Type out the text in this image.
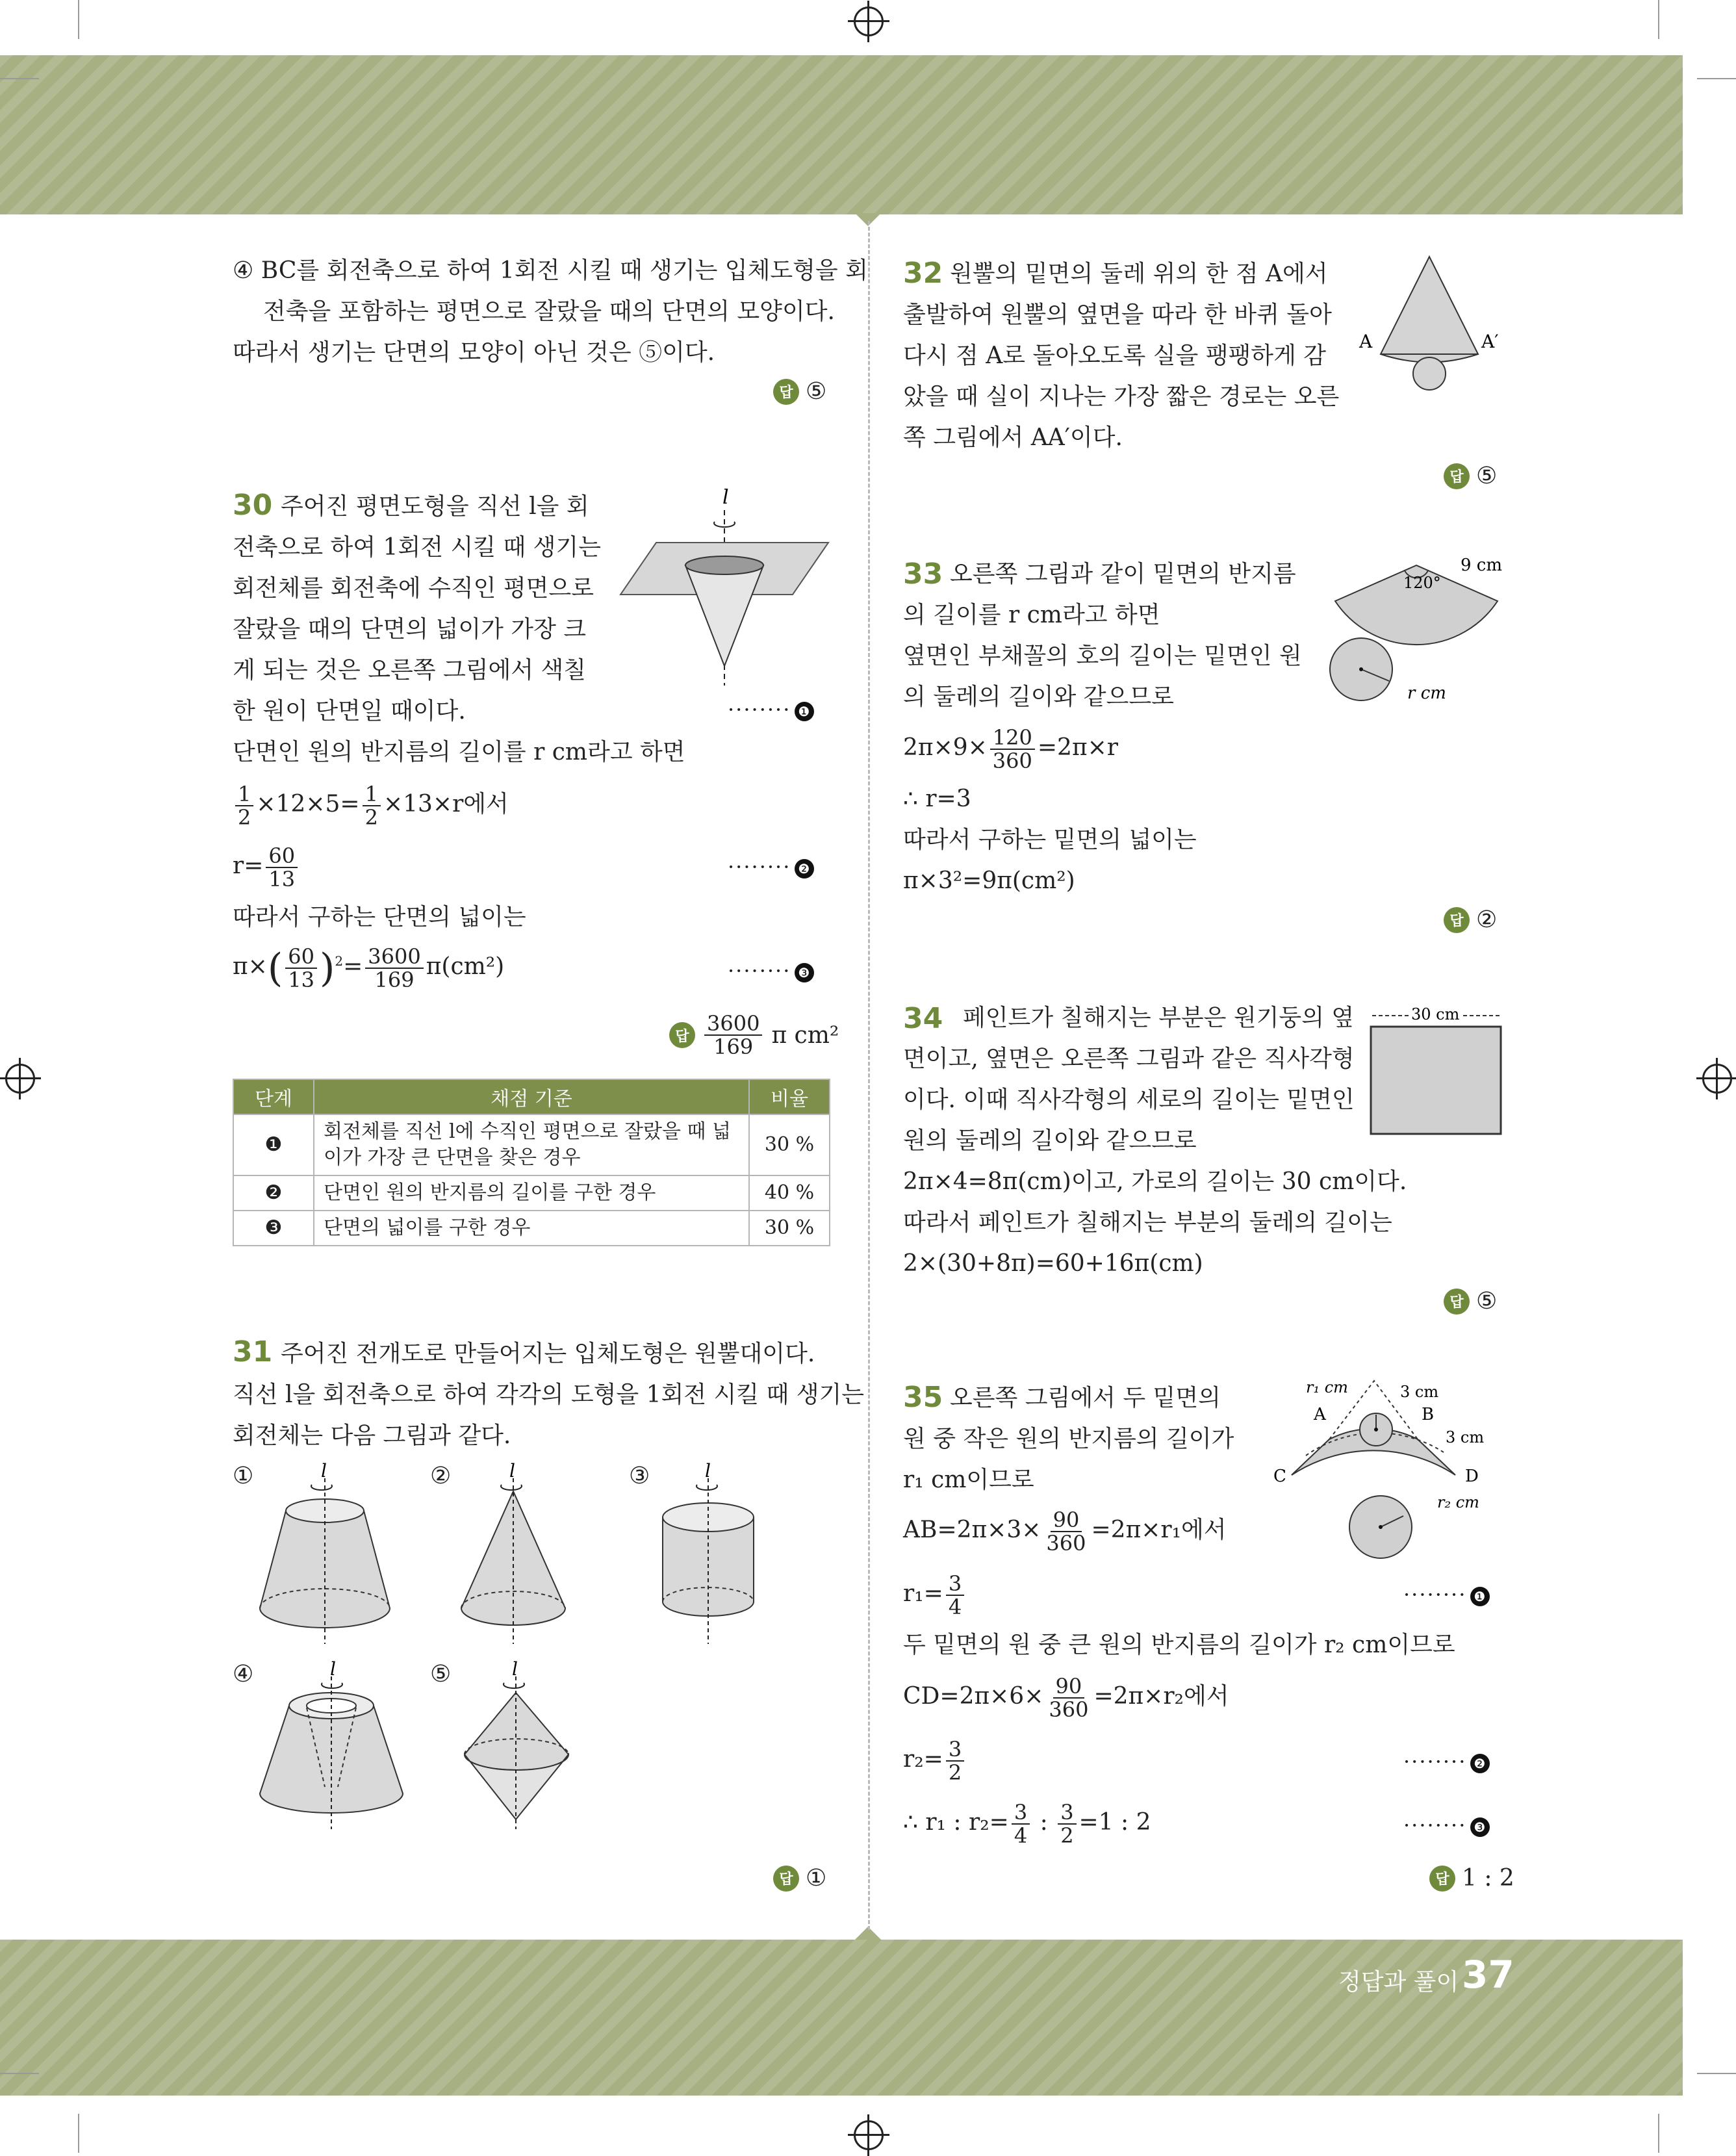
정답과 풀이 37
④ BC를 회전축으로 하여 1회전 시킬 때 생기는 입체도형을 회
전축을 포함하는 평면으로 잘랐을 때의 단면의 모양이다.
따라서 생기는 단면의 모양이 아닌 것은 ⑤이다.
답 ⑤
30 주어진 평면도형을 직선 l을 회
전축으로 하여 1회전 시킬 때 생기는
회전체를 회전축에 수직인 평면으로
잘랐을 때의 단면의 넓이가 가장 크
게 되는 것은 오른쪽 그림에서 색칠
한 원이 단면일 때이다.	········ ❶
단면인 원의 반지름의 길이를 r cm라고 하면
$\frac{1}{2} \times 12\times 5= \frac{1}{2} \times 13\times r$에서
$r= \frac{60}{13}$	········ ❷
따라서 구하는 단면의 넓이는
$\pi\times( \frac{60}{13} )^2= \frac{3600}{169} \pi(cm^2)$	········ ❸
답 $\frac{3600}{169}$ π cm²
l
단계	채점 기준	비율
❶	회전체를 직선 l에 수직인 평면으로 잘랐을 때 넓이가 가장 큰 단면을 찾은 경우	30 %
❷	단면인 원의 반지름의 길이를 구한 경우	40 %
❸	단면의 넓이를 구한 경우	30 %
31 주어진 전개도로 만들어지는 입체도형은 원뿔대이다.
직선 l을 회전축으로 하여 각각의 도형을 1회전 시킬 때 생기는
회전체는 다음 그림과 같다.
①	②	③
④	⑤
l	l	l
l	l
답 ①
32 원뿔의 밑면의 둘레 위의 한 점 A에서
출발하여 원뿔의 옆면을 따라 한 바퀴 돌아
다시 점 A로 돌아오도록 실을 팽팽하게 감
았을 때 실이 지나는 가장 짧은 경로는 오른
쪽 그림에서 AA′이다.
A	A′
답 ⑤
33 오른쪽 그림과 같이 밑면의 반지름
의 길이를 r cm라고 하면
옆면인 부채꼴의 호의 길이는 밑면인 원
의 둘레의 길이와 같으므로
$2\pi\times 9\times \frac{120}{360} =2\pi\times r$
∴ r=3
따라서 구하는 밑면의 넓이는
π×3²=9π(cm²)
120°
9 cm
r cm
답 ②
34 페인트가 칠해지는 부분은 원기둥의 옆
면이고, 옆면은 오른쪽 그림과 같은 직사각형
이다. 이때 직사각형의 세로의 길이는 밑면인
원의 둘레의 길이와 같으므로
2π×4=8π(cm)이고, 가로의 길이는 30 cm이다.
따라서 페인트가 칠해지는 부분의 둘레의 길이는
2×(30+8π)=60+16π(cm)
30 cm
답 ⑤
35 오른쪽 그림에서 두 밑면의
원 중 작은 원의 반지름의 길이가
r₁ cm이므로
$AB=2\pi\times 3\times \frac{90}{360} =2\pi\times r_1$에서
$r_1= \frac{3}{4}$	········ ❶
두 밑면의 원 중 큰 원의 반지름의 길이가 r₂ cm이므로
$CD=2\pi\times 6\times \frac{90}{360} =2\pi\times r_2$에서
$r_2= \frac{3}{2}$	········ ❷
∴ r₁ : $r_2= \frac{3}{4}$ : $\frac{3}{2} =1$ : 2	········ ❸
r₁ cm
A	B
3 cm
3 cm
C	D
r₂ cm
답 1 : 2
